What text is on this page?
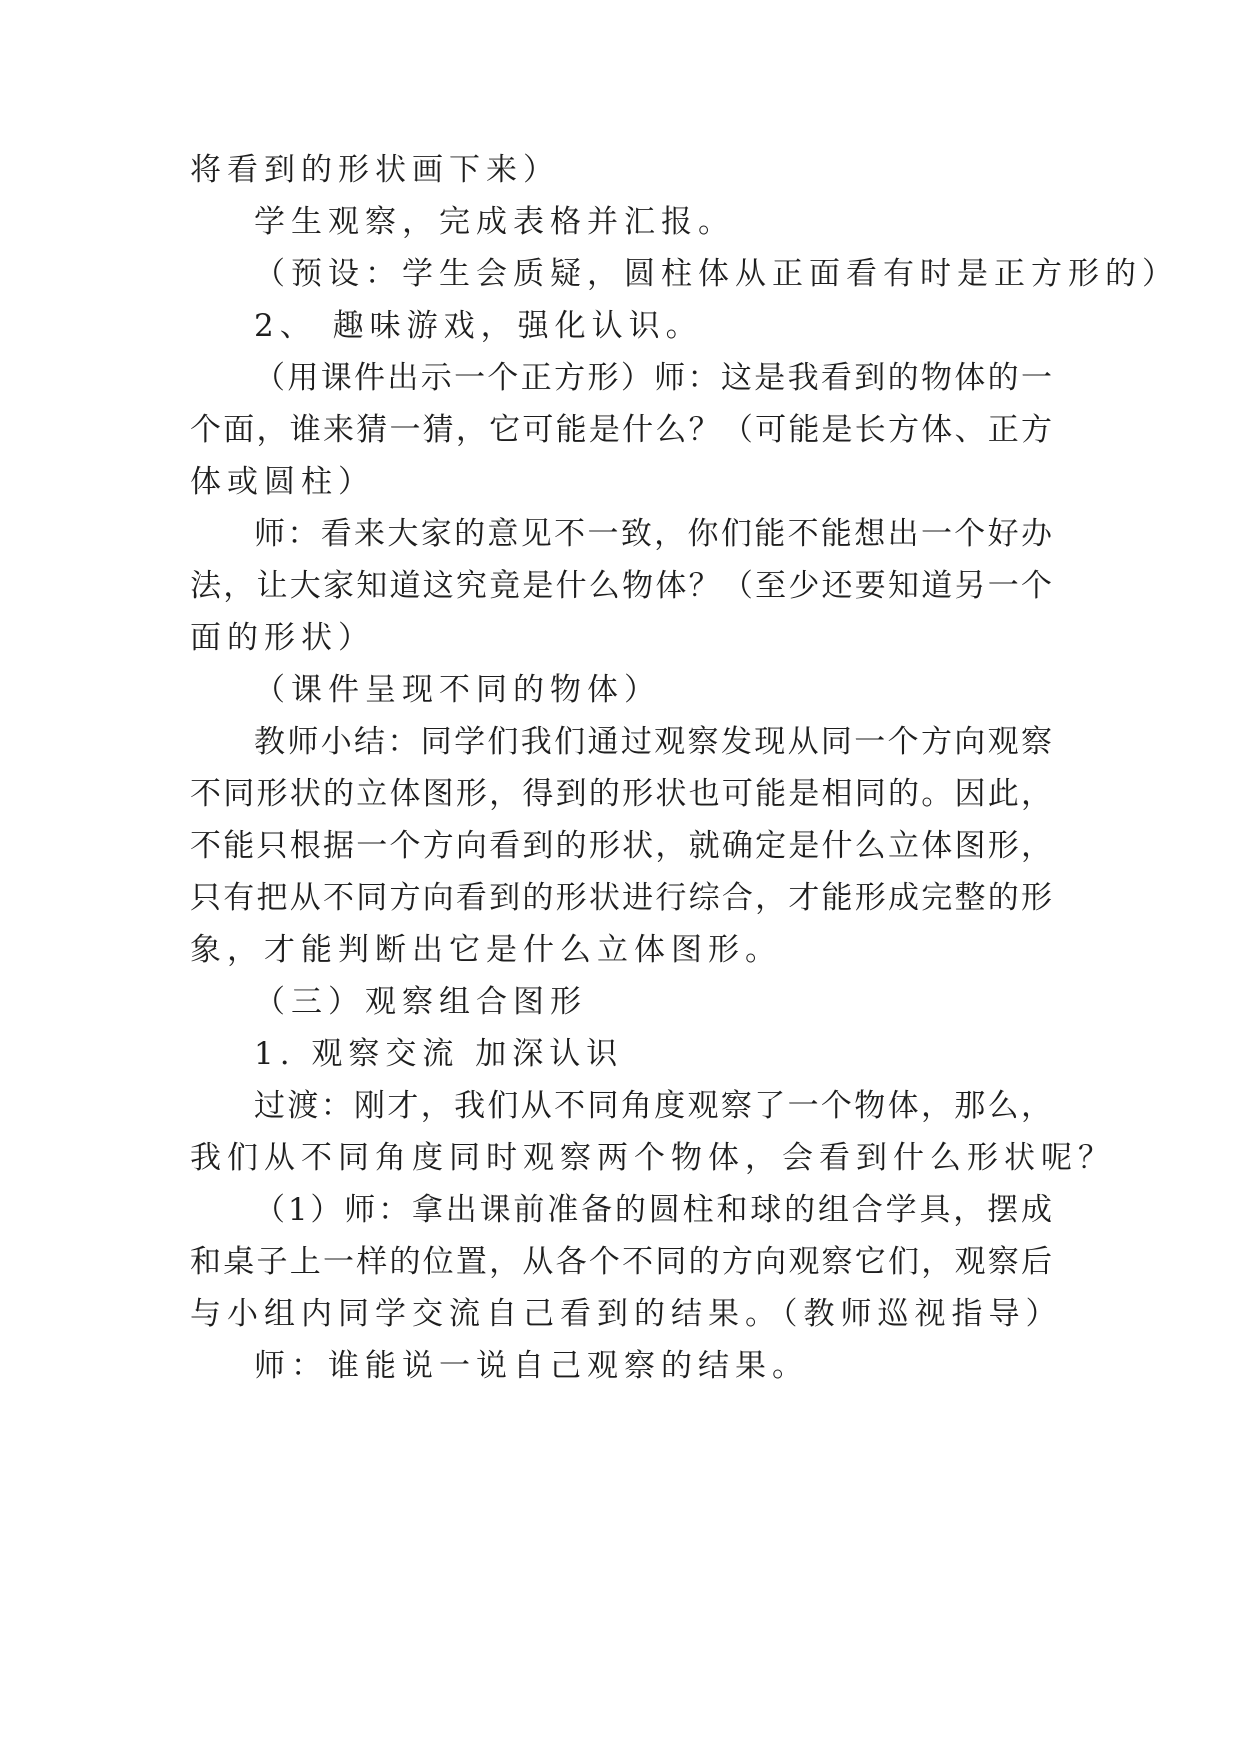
将看到的形状画下来）
学生观察，完成表格并汇报。
（预设：学生会质疑，圆柱体从正面看有时是正方形的）
2、 趣味游戏，强化认识。
（用课件出示一个正方形）师：这是我看到的物体的一
个面，谁来猜一猜，它可能是什么？（可能是长方体、正方
体或圆柱）
师：看来大家的意见不一致，你们能不能想出一个好办
法，让大家知道这究竟是什么物体？（至少还要知道另一个
面的形状）
（课件呈现不同的物体）
教师小结：同学们我们通过观察发现从同一个方向观察
不同形状的立体图形，得到的形状也可能是相同的。因此，
不能只根据一个方向看到的形状，就确定是什么立体图形，
只有把从不同方向看到的形状进行综合，才能形成完整的形
象，才能判断出它是什么立体图形。
（三）观察组合图形
1. 观察交流 加深认识
过渡：刚才，我们从不同角度观察了一个物体，那么，
我们从不同角度同时观察两个物体，会看到什么形状呢？
（1）师：拿出课前准备的圆柱和球的组合学具，摆成
和桌子上一样的位置，从各个不同的方向观察它们，观察后
与小组内同学交流自己看到的结果。（教师巡视指导）
师：谁能说一说自己观察的结果。
